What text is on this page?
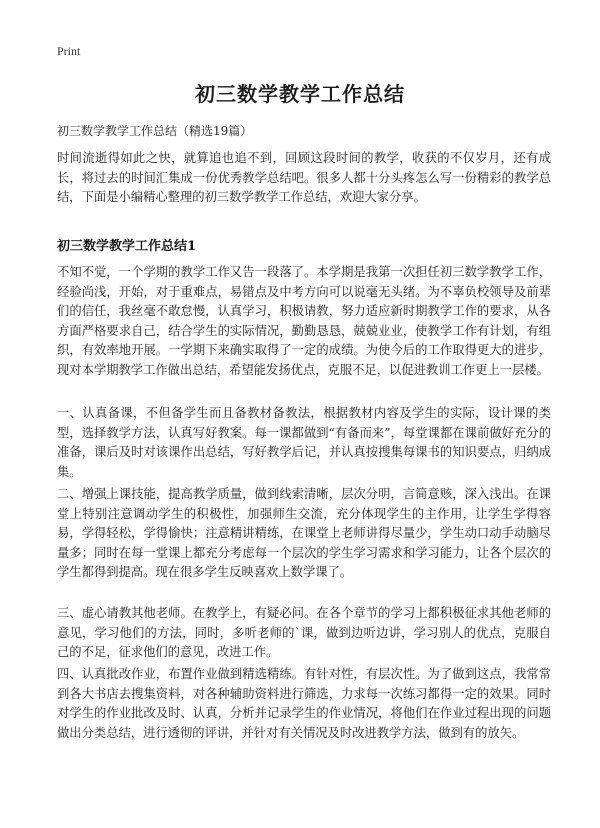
Print
初三数学教学工作总结
初三数学教学工作总结（精选19篇）

时间流逝得如此之快，就算追也追不到，回顾这段时间的教学，收获的不仅岁月，还有成长，将过去的时间汇集成一份优秀教学总结吧。很多人都十分头疼怎么写一份精彩的教学总结，下面是小编精心整理的初三数学教学工作总结，欢迎大家分享。

初三数学教学工作总结1

不知不觉，一个学期的教学工作又告一段落了。本学期是我第一次担任初三数学教学工作，经验尚浅，开始，对于重难点，易错点及中考方向可以说毫无头绪。为不辜负校领导及前辈们的信任，我丝毫不敢怠慢，认真学习，积极请教，努力适应新时期教学工作的要求，从各方面严格要求自己，结合学生的实际情况，勤勤恳恳，兢兢业业，使教学工作有计划，有组织，有效率地开展。一学期下来确实取得了一定的成绩。为使今后的工作取得更大的进步，现对本学期教学工作做出总结，希望能发扬优点，克服不足，以促进教训工作更上一层楼。

一、认真备课，不但备学生而且备教材备教法，根据教材内容及学生的实际，设计课的类型，选择教学方法，认真写好教案。每一课都做到“有备而来”，每堂课都在课前做好充分的准备，课后及时对该课作出总结，写好教学后记，并认真按搜集每课书的知识要点，归纳成集。

二、增强上课技能，提高教学质量，做到线索清晰，层次分明，言简意赅，深入浅出。在课堂上特别注意调动学生的积极性，加强师生交流，充分体现学生的主作用，让学生学得容易，学得轻松，学得愉快；注意精讲精练，在课堂上老师讲得尽量少，学生动口动手动脑尽量多；同时在每一堂课上都充分考虑每一个层次的学生学习需求和学习能力，让各个层次的学生都得到提高。现在很多学生反映喜欢上数学课了。

三、虚心请教其他老师。在教学上，有疑必问。在各个章节的学习上都积极征求其他老师的意见，学习他们的方法，同时，多听老师的`课，做到边听边讲，学习别人的优点，克服自己的不足，征求他们的意见，改进工作。

四、认真批改作业，布置作业做到精选精练。有针对性，有层次性。为了做到这点，我常常到各大书店去搜集资料，对各种辅助资料进行筛选，力求每一次练习都得一定的效果。同时对学生的作业批改及时、认真，分析并记录学生的作业情况，将他们在作业过程出现的问题做出分类总结，进行透彻的评讲，并针对有关情况及时改进教学方法，做到有的放矢。
